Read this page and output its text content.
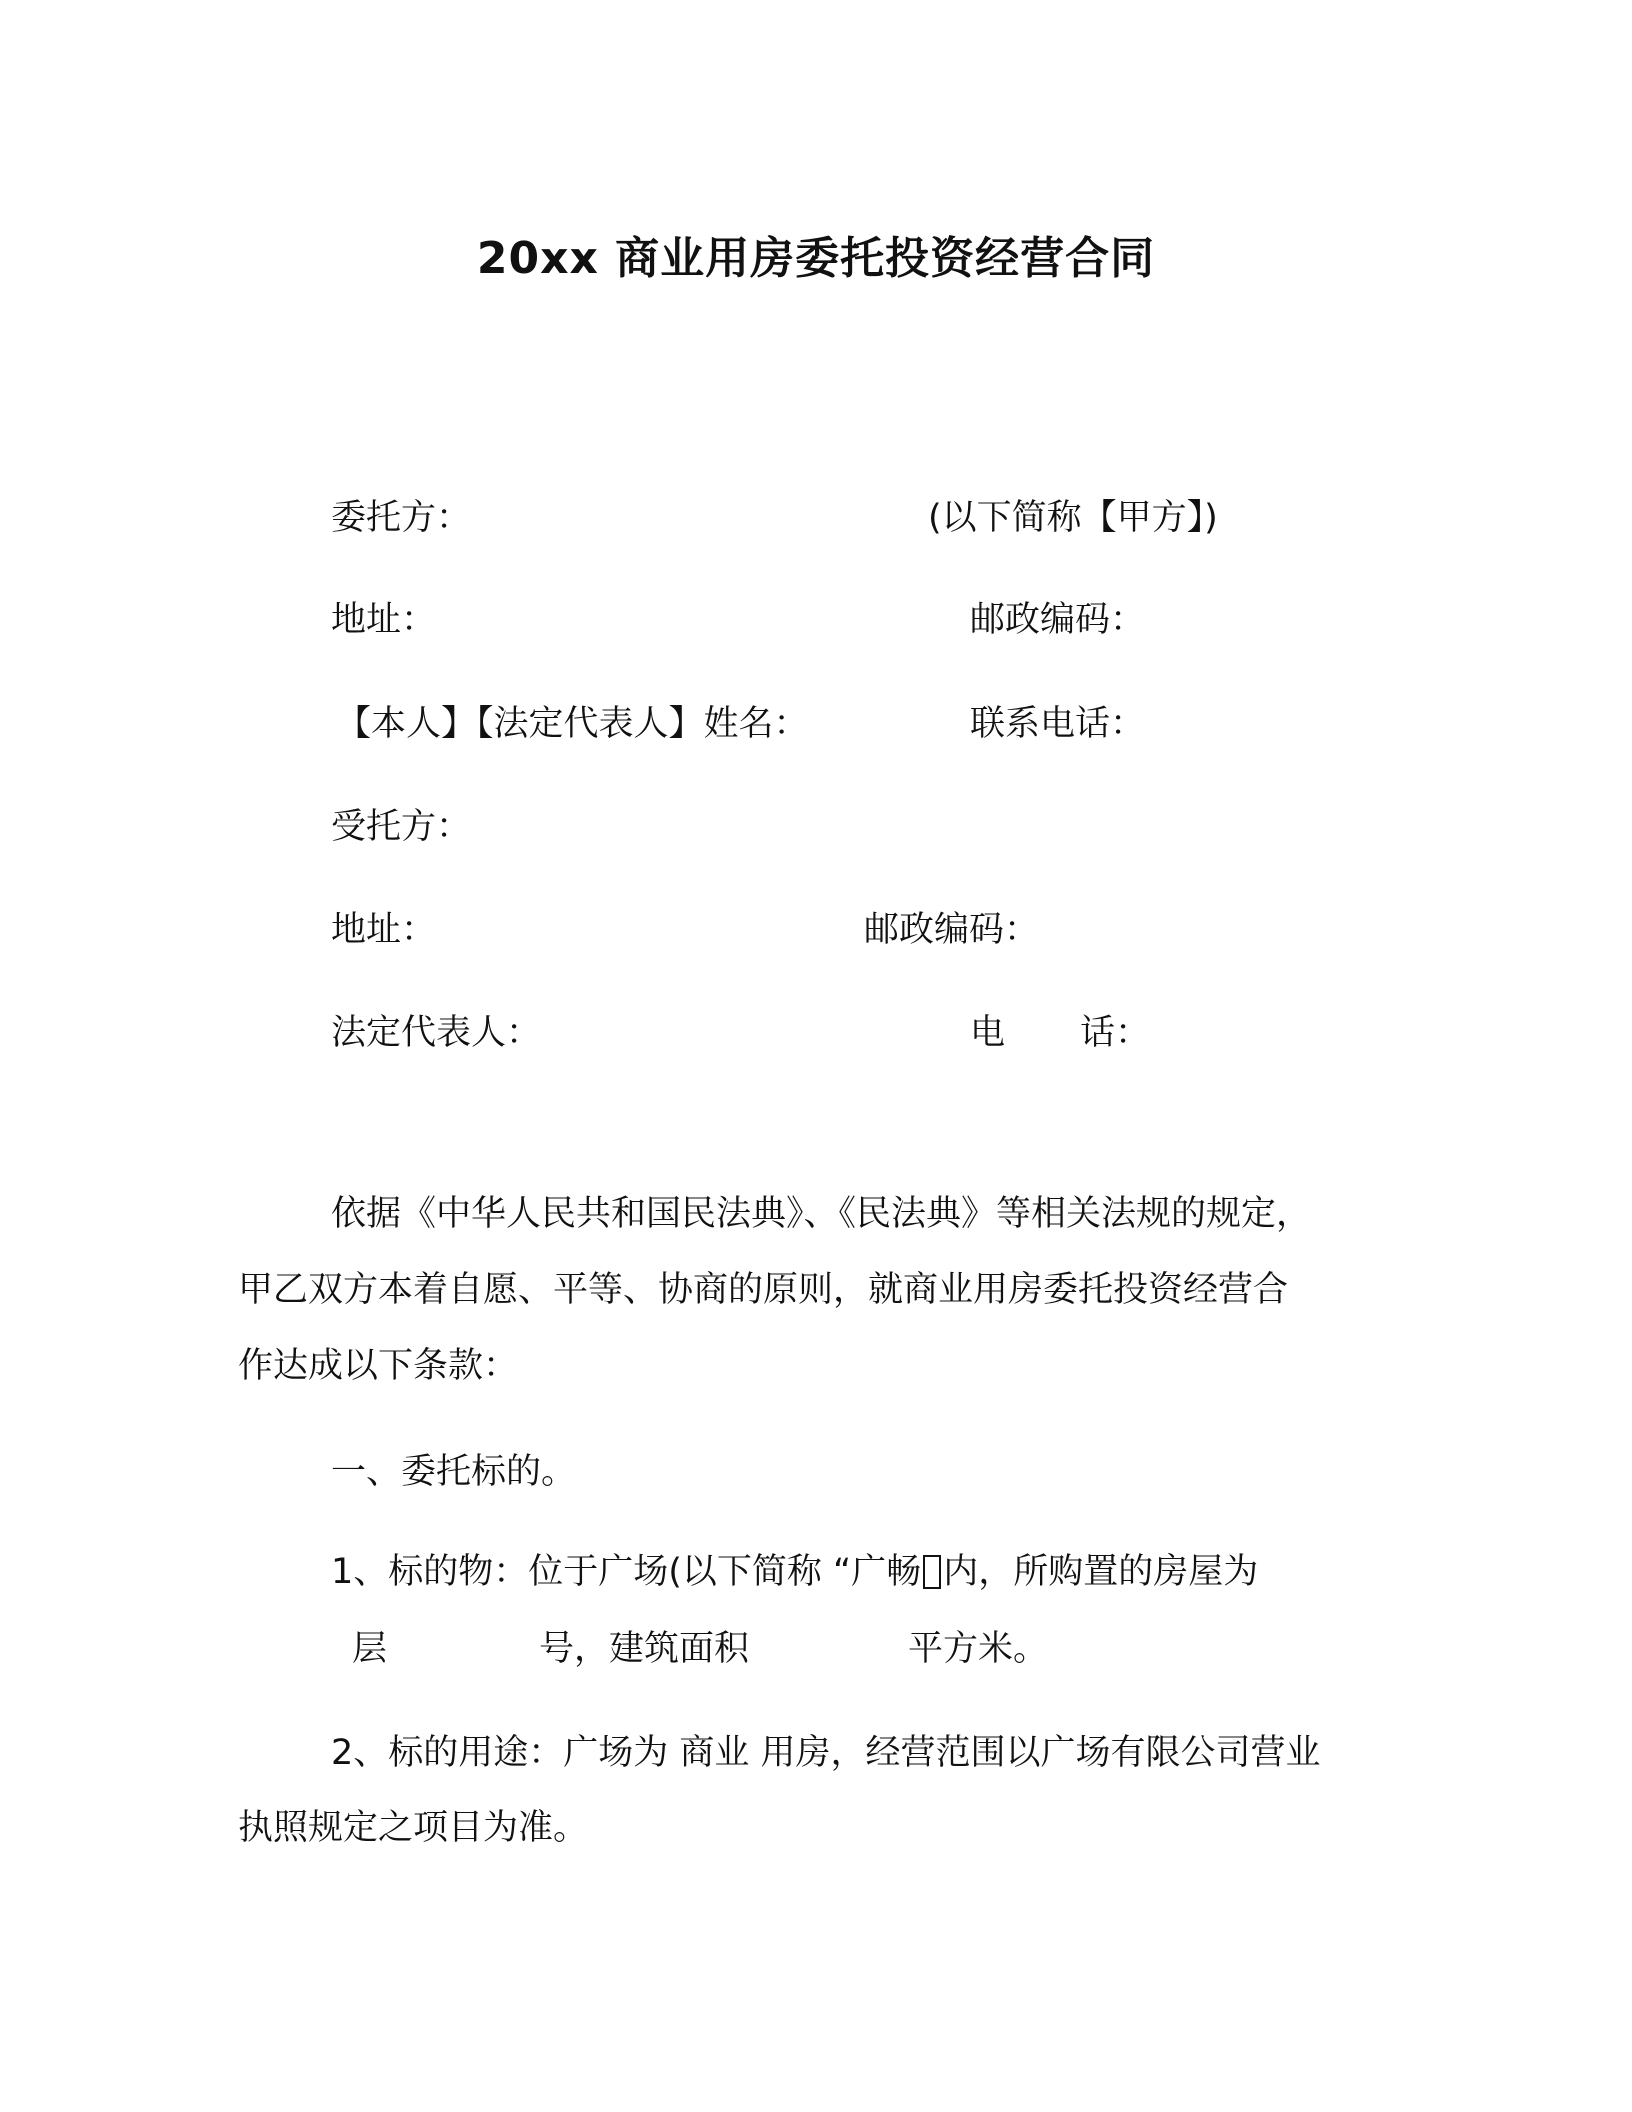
20xx 商业用房委托投资经营合同
委托方：	(以下简称【甲方】)
地址：	邮政编码：
【本人】【法定代表人】姓名：	联系电话：
受托方：
地址：	邮政编码：
法定代表人：	电 话：
依据《中华人民共和国民法典》、《民法典》等相关法规的规定，
甲乙双方本着自愿、平等、协商的原则，就商业用房委托投资经营合
作达成以下条款：
一、委托标的。
1、标的物：位于广场(以下简称 “广畅 内，所购置的房屋为
层	号，建筑面积	平方米。
2、标的用途：广场为 商业 用房，经营范围以广场有限公司营业
执照规定之项目为准。
